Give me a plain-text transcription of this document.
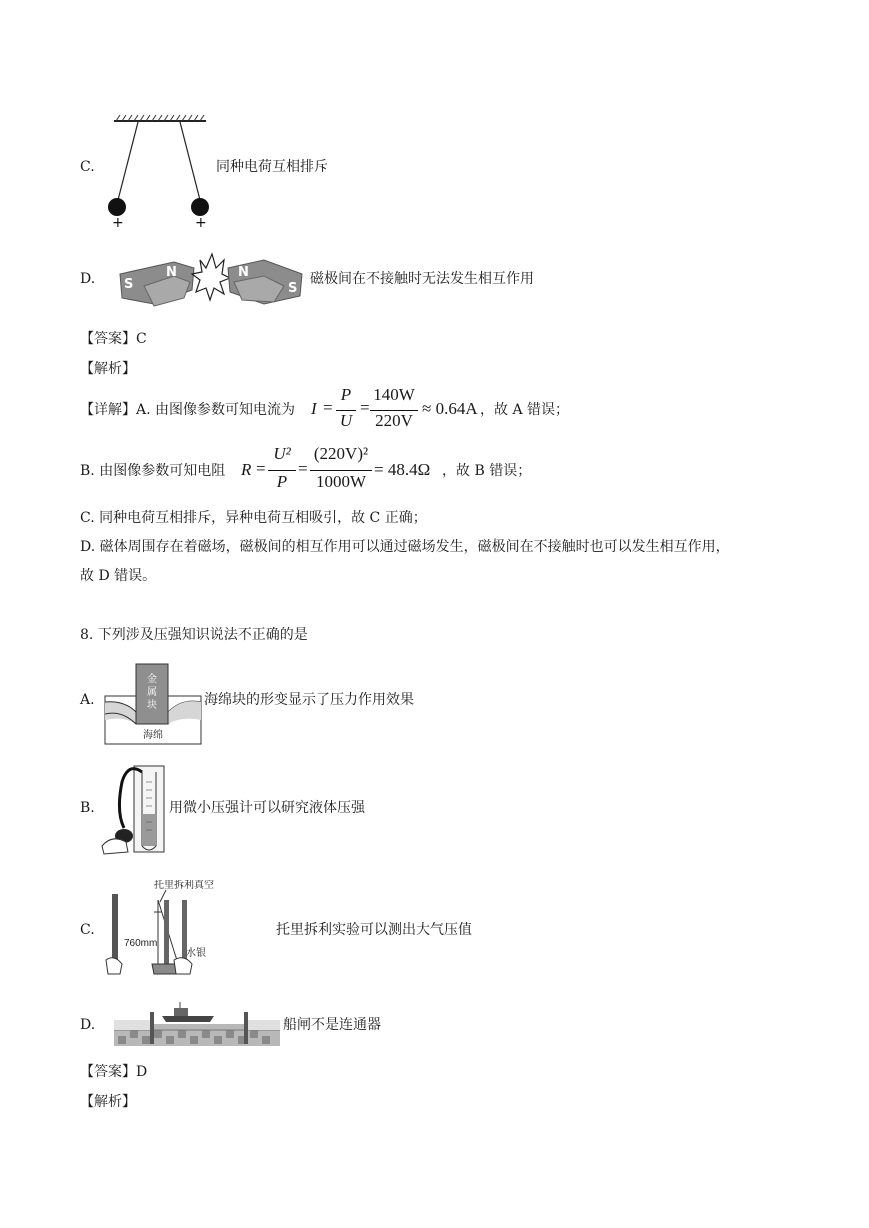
C.
+	+
同种电荷互相排斥
D. S
N	N
S
磁极间在不接触时无法发生相互作用
【答案】C
【解析】
【详解】A. 由图像参数可知电流为 I =
P
U
=
140W
220V
≈ 0.64A ，故 A 错误；
B. 由图像参数可知电阻 R =
U²
P
=
(220V)²
1000W
= 48.4Ω ，故 B 错误；
C. 同种电荷互相排斥，异种电荷互相吸引，故 C 正确；
D. 磁体周围存在着磁场，磁极间的相互作用可以通过磁场发生，磁极间在不接触时也可以发生相互作用，
故 D 错误。
8. 下列涉及压强知识说法不正确的是
A.
金
属
块
海绵
海绵块的形变显示了压力作用效果
B.	用微小压强计可以研究液体压强
C.
托里拆利真空
760mm
水银
托里拆利实验可以测出大气压值
D.	船闸不是连通器
【答案】D
【解析】
